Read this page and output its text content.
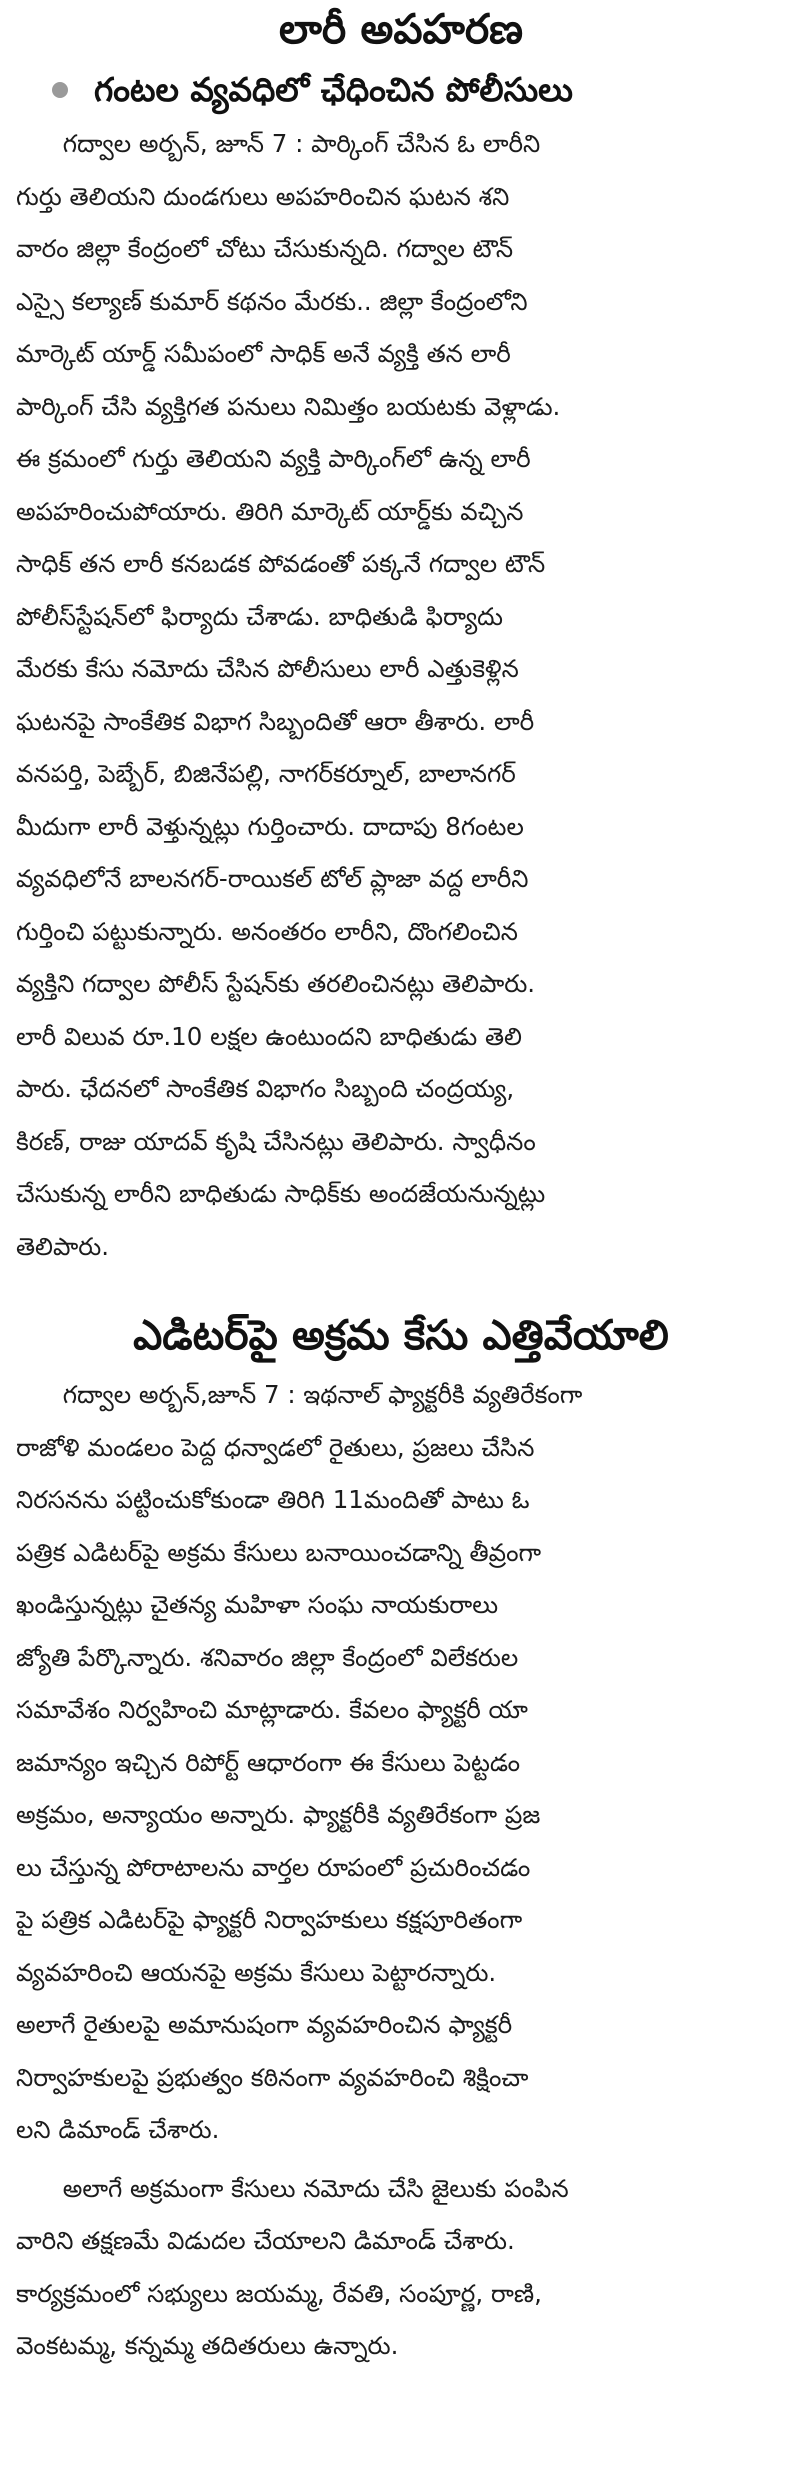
లారీ అపహరణ
గంటల వ్యవధిలో ఛేధించిన పోలీసులు
గద్వాల అర్బన్, జూన్ 7 : పార్కింగ్ చేసిన ఓ లారీని
గుర్తు తెలియని దుండగులు అపహరించిన ఘటన శని
వారం జిల్లా కేంద్రంలో చోటు చేసుకున్నది. గద్వాల టౌన్
ఎస్సై కల్యాణ్ కుమార్ కథనం మేరకు.. జిల్లా కేంద్రంలోని
మార్కెట్ యార్డ్ సమీపంలో సాధిక్ అనే వ్యక్తి తన లారీ
పార్కింగ్ చేసి వ్యక్తిగత పనులు నిమిత్తం బయటకు వెళ్లాడు.
ఈ క్రమంలో గుర్తు తెలియని వ్యక్తి పార్కింగ్‌లో ఉన్న లారీ
అపహరించుపోయారు. తిరిగి మార్కెట్ యార్డ్‌కు వచ్చిన
సాధిక్ తన లారీ కనబడక పోవడంతో పక్కనే గద్వాల టౌన్
పోలీస్‌స్టేషన్‌లో ఫిర్యాదు చేశాడు. బాధితుడి ఫిర్యాదు
మేరకు కేసు నమోదు చేసిన పోలీసులు లారీ ఎత్తుకెళ్లిన
ఘటనపై సాంకేతిక విభాగ సిబ్బందితో ఆరా తీశారు. లారీ
వనపర్తి, పెబ్బేర్, బిజినేపల్లి, నాగర్‌కర్నూల్, బాలానగర్
మీదుగా లారీ వెళ్తున్నట్లు గుర్తించారు. దాదాపు 8గంటల
వ్యవధిలోనే బాలనగర్-రాయికల్ టోల్ ప్లాజా వద్ద లారీని
గుర్తించి పట్టుకున్నారు. అనంతరం లారీని, దొంగలించిన
వ్యక్తిని గద్వాల పోలీస్ స్టేషన్‌కు తరలించినట్లు తెలిపారు.
లారీ విలువ రూ.10 లక్షల ఉంటుందని బాధితుడు తెలి
పారు. ఛేదనలో సాంకేతిక విభాగం సిబ్బంది చంద్రయ్య,
కిరణ్, రాజు యాదవ్ కృషి చేసినట్లు తెలిపారు. స్వాధీనం
చేసుకున్న లారీని బాధితుడు సాధిక్‌కు అందజేయనున్నట్లు
తెలిపారు.
ఎడిటర్‌పై అక్రమ కేసు ఎత్తివేయాలి
గద్వాల అర్బన్,జూన్ 7 : ఇథనాల్ ఫ్యాక్టరీకి వ్యతిరేకంగా
రాజోళి మండలం పెద్ద ధన్వాడలో రైతులు, ప్రజలు చేసిన
నిరసనను పట్టించుకోకుండా తిరిగి 11మందితో పాటు ఓ
పత్రిక ఎడిటర్‌పై అక్రమ కేసులు బనాయించడాన్ని తీవ్రంగా
ఖండిస్తున్నట్లు చైతన్య మహిళా సంఘ నాయకురాలు
జ్యోతి పేర్కొన్నారు. శనివారం జిల్లా కేంద్రంలో విలేకరుల
సమావేశం నిర్వహించి మాట్లాడారు. కేవలం ఫ్యాక్టరీ యా
జమాన్యం ఇచ్చిన రిపోర్ట్ ఆధారంగా ఈ కేసులు పెట్టడం
అక్రమం, అన్యాయం అన్నారు. ఫ్యాక్టరీకి వ్యతిరేకంగా ప్రజ
లు చేస్తున్న పోరాటాలను వార్తల రూపంలో ప్రచురించడం
పై పత్రిక ఎడిటర్‌పై ఫ్యాక్టరీ నిర్వాహకులు కక్షపూరితంగా
వ్యవహరించి ఆయనపై అక్రమ కేసులు పెట్టారన్నారు.
అలాగే రైతులపై అమానుషంగా వ్యవహరించిన ఫ్యాక్టరీ
నిర్వాహకులపై ప్రభుత్వం కఠినంగా వ్యవహరించి శిక్షించా
లని డిమాండ్ చేశారు.
అలాగే అక్రమంగా కేసులు నమోదు చేసి జైలుకు పంపిన
వారిని తక్షణమే విడుదల చేయాలని డిమాండ్ చేశారు.
కార్యక్రమంలో సభ్యులు జయమ్మ, రేవతి, సంపూర్ణ, రాణి,
వెంకటమ్మ, కన్నమ్మ తదితరులు ఉన్నారు.
